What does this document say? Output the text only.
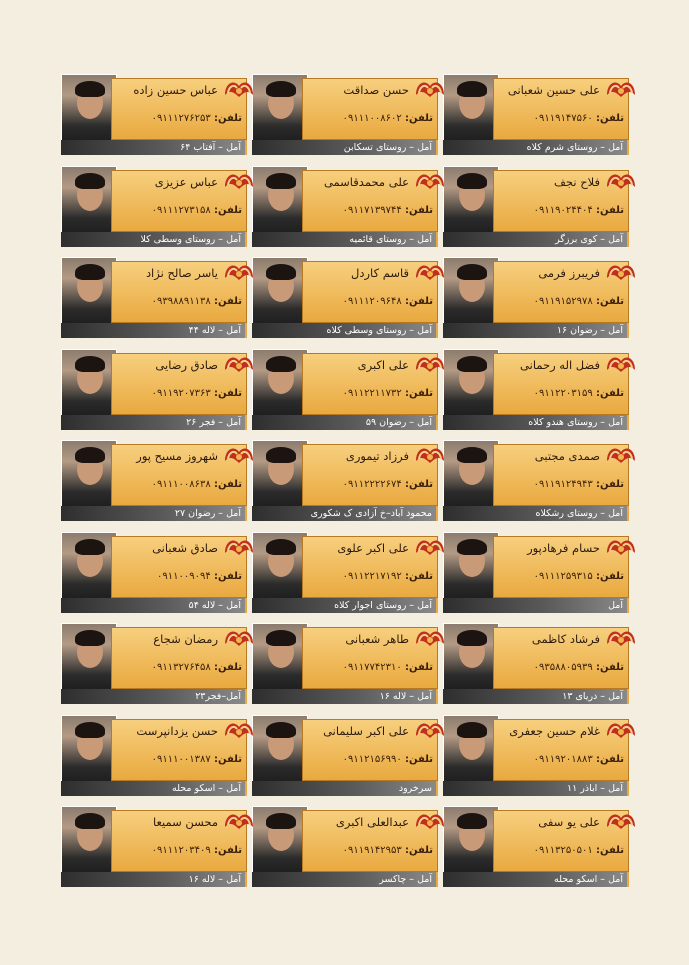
علی حسین شعبانی
تلفن: ۰۹۱۱۹۱۴۷۵۶۰
آمل – روستای شرم کلاه
حسن صداقت
تلفن: ۰۹۱۱۱۰۰۸۶۰۲
آمل – روستای تسکابن
عباس حسین زاده
تلفن: ۰۹۱۱۱۲۷۶۲۵۳
آمل – آفتاب ۶۴
فلاح نجف
تلفن: ۰۹۱۱۹۰۲۴۴۰۴
آمل – کوی برزگر
علی محمدقاسمی
تلفن: ۰۹۱۱۷۱۳۹۷۴۴
آمل – روستای قائمیه
عباس عزیزی
تلفن: ۰۹۱۱۱۲۷۳۱۵۸
آمل – روستای وسطی کلا
فریبرز فرمی
تلفن: ۰۹۱۱۹۱۵۲۹۷۸
آمل – رضوان ۱۶
قاسم کاردل
تلفن: ۰۹۱۱۱۲۰۹۶۴۸
آمل – روستای وسطی کلاه
یاسر صالح نژاد
تلفن: ۰۹۳۹۸۸۹۱۱۳۸
آمل – لاله ۴۴
فضل اله رحمانی
تلفن: ۰۹۱۱۲۲۰۳۱۵۹
آمل – روستای هندو کلاه
علی اکبری
تلفن: ۰۹۱۱۲۲۱۱۷۳۲
آمل – رضوان ۵۹
صادق رضایی
تلفن: ۰۹۱۱۹۲۰۷۳۶۳
آمل – فجر ۲۶
صمدی مجتبی
تلفن: ۰۹۱۱۹۱۲۴۹۴۳
آمل – روستای رشکلاه
فرزاد تیموری
تلفن: ۰۹۱۱۲۲۲۲۶۷۴
محمود آباد–خ آزادی ک شکوری
شهروز مسیح پور
تلفن: ۰۹۱۱۱۰۰۸۶۳۸
آمل – رضوان ۲۷
حسام فرهادپور
تلفن: ۰۹۱۱۱۲۵۹۳۱۵
آمل
علی اکبر علوی
تلفن: ۰۹۱۱۲۲۱۷۱۹۲
آمل – روستای اجوار کلاه
صادق شعبانی
تلفن: ۰۹۱۱۰۰۹۰۹۴
آمل – لاله ۵۴
فرشاد کاظمی
تلفن: ۰۹۳۵۸۸۰۵۹۳۹
آمل – دریای ۱۳
طاهر شعبانی
تلفن: ۰۹۱۱۷۷۴۲۳۱۰
آمل – لاله ۱۶
رمضان شجاع
تلفن: ۰۹۱۱۳۲۷۶۴۵۸
آمل–فجر۲۳
غلام حسین جعفری
تلفن: ۰۹۱۱۹۲۰۱۸۸۳
آمل – اباذر ۱۱
علی اکبر سلیمانی
تلفن: ۰۹۱۱۲۱۵۶۹۹۰
سرخرود
حسن یزدانپرست
تلفن: ۰۹۱۱۱۰۰۱۳۸۷
آمل – اسکو محله
علی یو سفی
تلفن: ۰۹۱۱۳۲۵۰۵۰۱
آمل – اسکو محله
عبدالعلی اکبری
تلفن: ۰۹۱۱۹۱۴۲۹۵۳
آمل – چاکسر
محسن سمیعا
تلفن: ۰۹۱۱۱۲۰۳۴۰۹
آمل – لاله ۱۶
